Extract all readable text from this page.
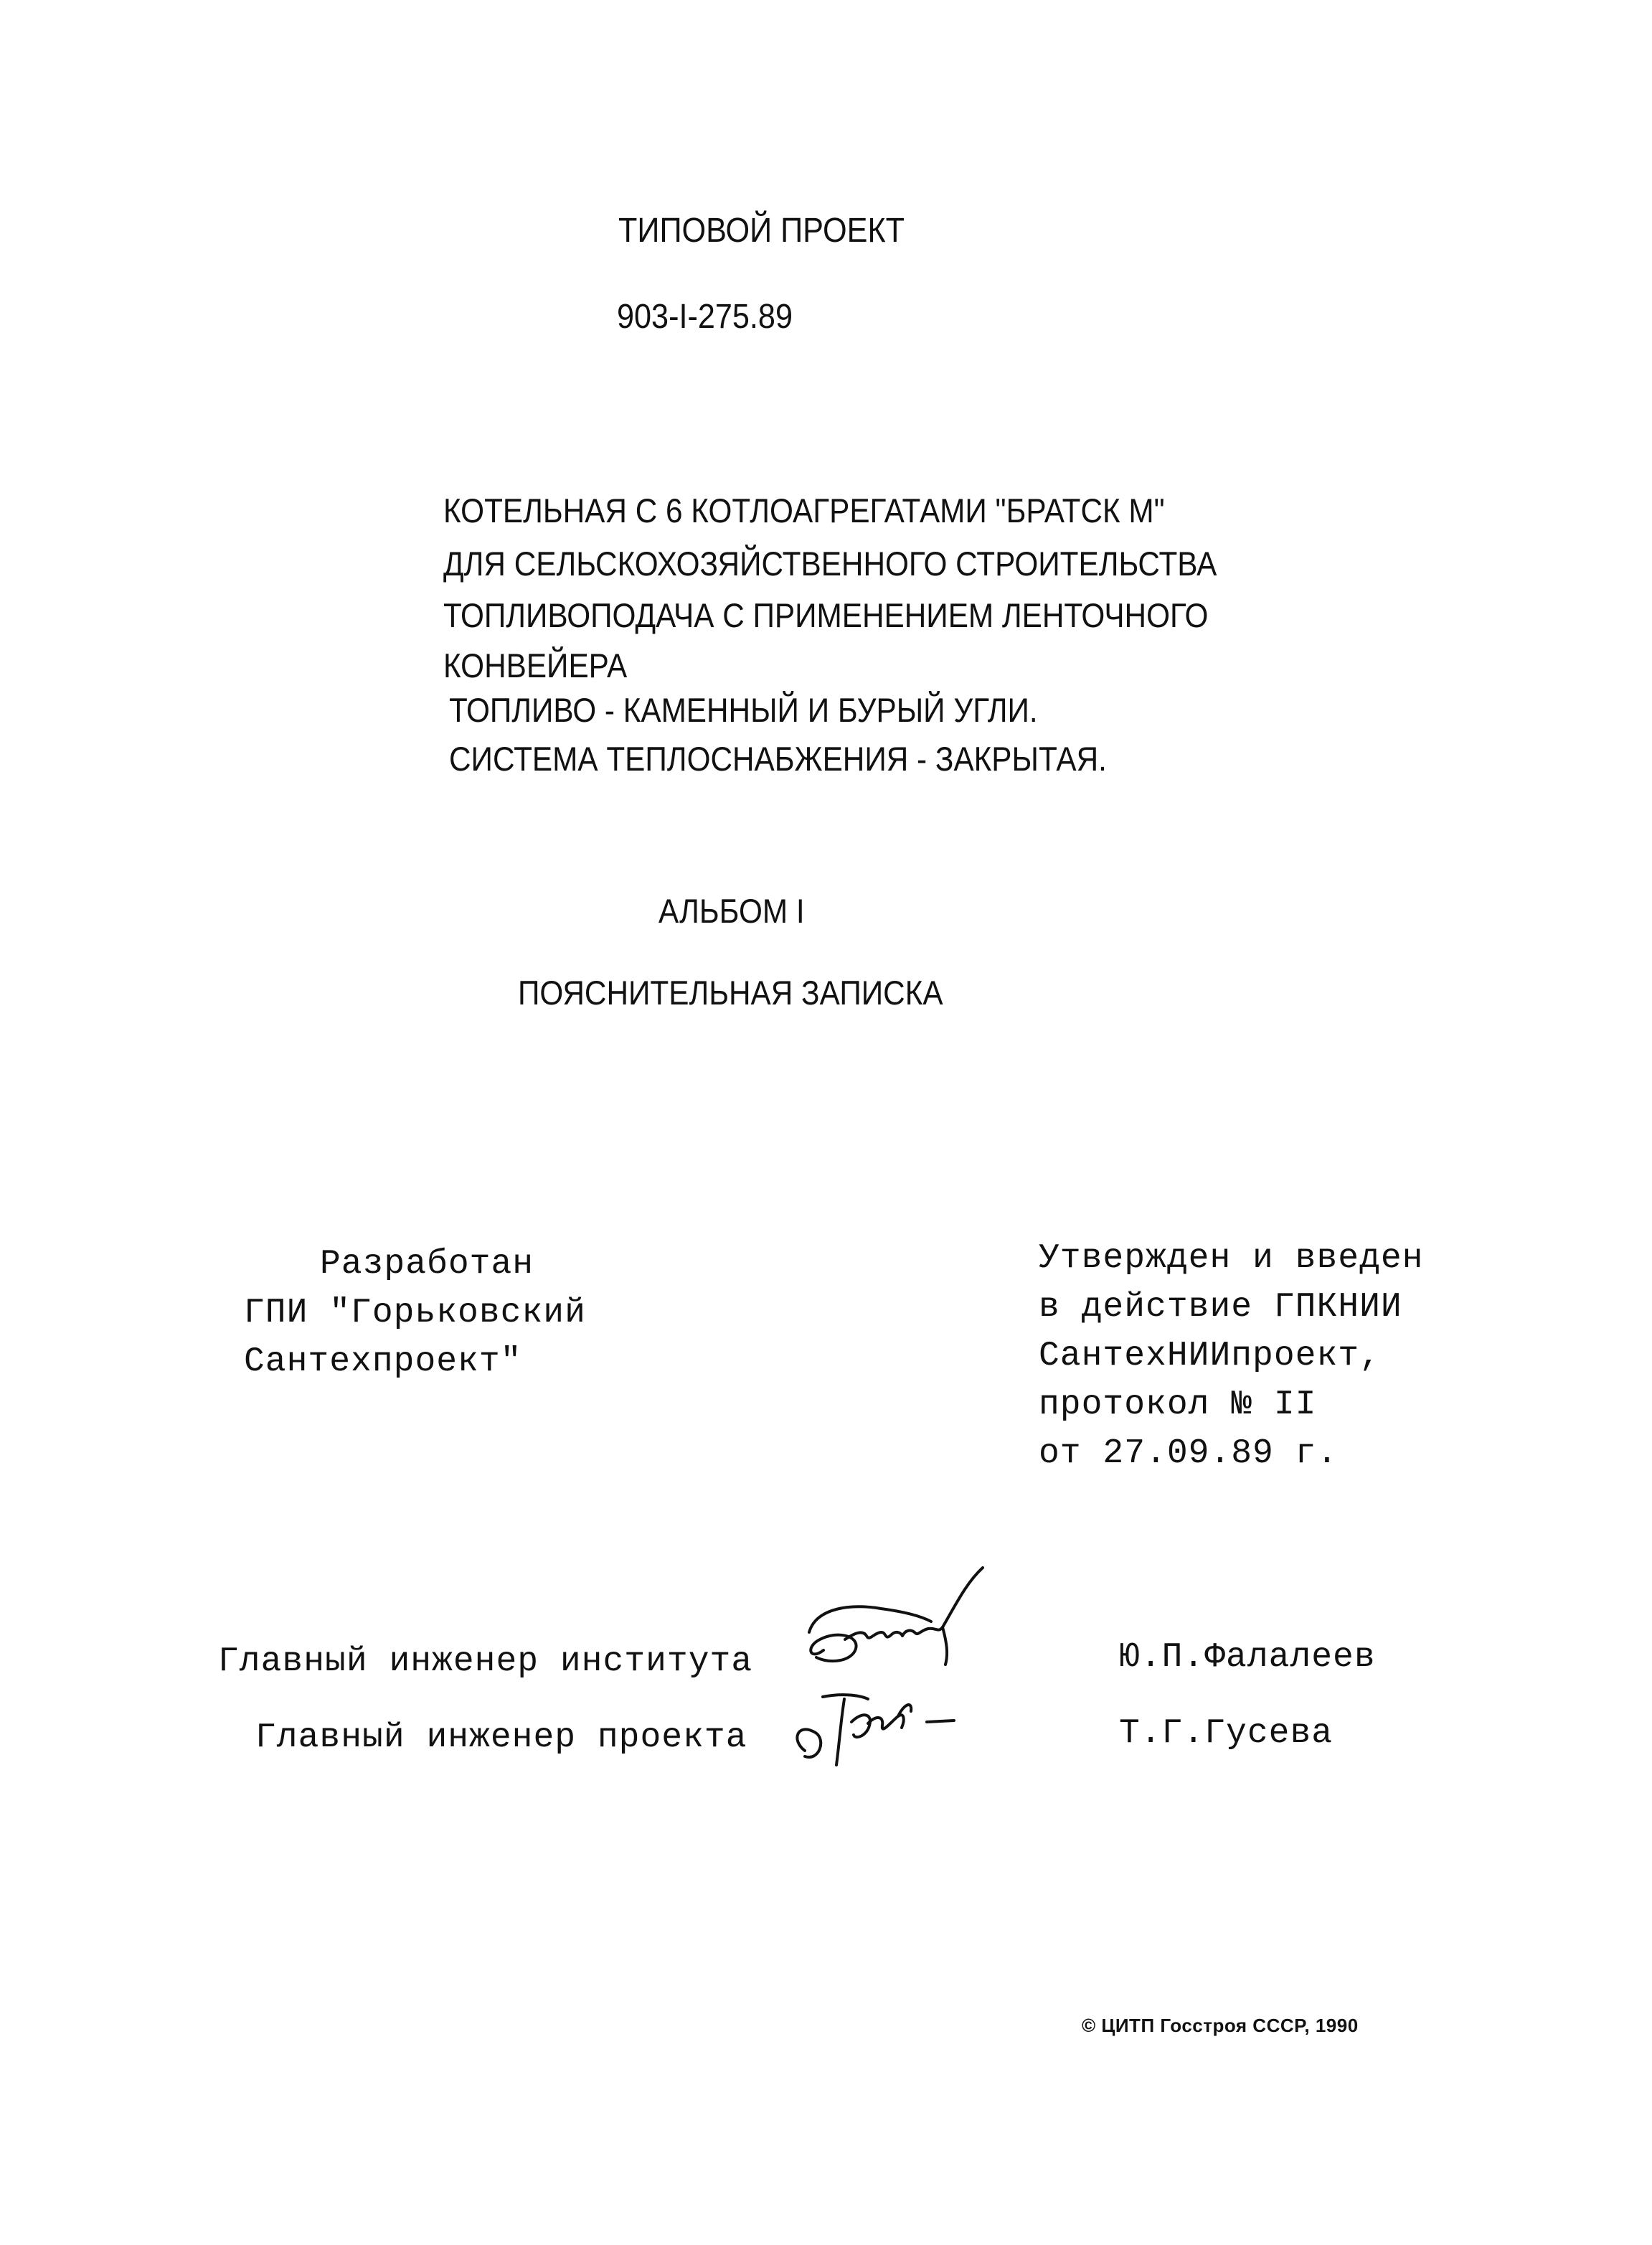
ТИПОВОЙ ПРОЕКТ
903-I-275.89
КОТЕЛЬНАЯ С 6 КОТЛОАГРЕГАТАМИ "БРАТСК М"
ДЛЯ СЕЛЬСКОХОЗЯЙСТВЕННОГО СТРОИТЕЛЬСТВА
ТОПЛИВОПОДАЧА С ПРИМЕНЕНИЕМ ЛЕНТОЧНОГО
КОНВЕЙЕРА
ТОПЛИВО - КАМЕННЫЙ И БУРЫЙ УГЛИ.
СИСТЕМА ТЕПЛОСНАБЖЕНИЯ - ЗАКРЫТАЯ.
АЛЬБОМ I
ПОЯСНИТЕЛЬНАЯ ЗАПИСКА
Разработан
ГПИ "Горьковский
Сантехпроект"
Утвержден и введен
в действие ГПКНИИ
СантехНИИпроект,
протокол № II
от 27.09.89 г.
Главный инженер института	Ю.П.Фалалеев
Главный инженер проекта	Т.Г.Гусева
© ЦИТП Госстроя СССР, 1990
